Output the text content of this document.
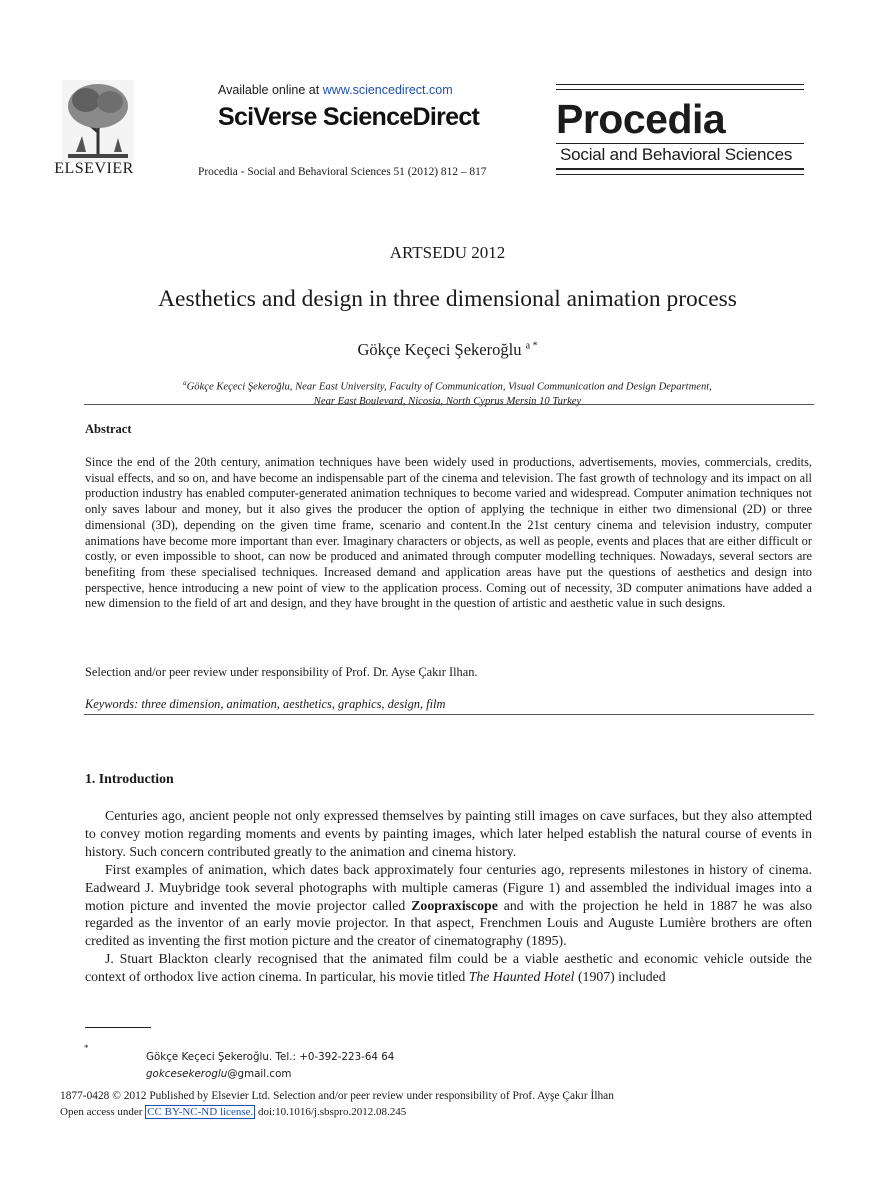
ELSEVIER
Available online at www.sciencedirect.com
SciVerse ScienceDirect
Procedia - Social and Behavioral Sciences 51 (2012) 812 – 817
Procedia
Social and Behavioral Sciences
ARTSEDU 2012
Aesthetics and design in three dimensional animation process
Gökçe Keçeci Şekeroğlu $^{a *}$
$^a$Gökçe Keçeci Şekeroğlu, Near East University, Faculty of Communication, Visual Communication and Design Department,
Near East Boulevard, Nicosia, North Cyprus Mersin 10 Turkey
Abstract
Since the end of the 20th century, animation techniques have been widely used in productions, advertisements, movies, commercials, credits, visual effects, and so on, and have become an indispensable part of the cinema and television. The fast growth of technology and its impact on all production industry has enabled computer-generated animation techniques to become varied and widespread. Computer animation techniques not only saves labour and money, but it also gives the producer the option of applying the technique in either two dimensional (2D) or three dimensional (3D), depending on the given time frame, scenario and content.In the 21st century cinema and television industry, computer animations have become more important than ever. Imaginary characters or objects, as well as people, events and places that are either difficult or costly, or even impossible to shoot, can now be produced and animated through computer modelling techniques. Nowadays, several sectors are benefiting from these specialised techniques. Increased demand and application areas have put the questions of aesthetics and design into perspective, hence introducing a new point of view to the application process. Coming out of necessity, 3D computer animations have added a new dimension to the field of art and design, and they have brought in the question of artistic and aesthetic value in such designs.
Selection and/or peer review under responsibility of Prof. Dr. Ayse Çakır Ilhan.
Keywords: three dimension, animation, aesthetics, graphics, design, film
1. Introduction

Centuries ago, ancient people not only expressed themselves by painting still images on cave surfaces, but they also attempted to convey motion regarding moments and events by painting images, which later helped establish the natural course of events in history. Such concern contributed greatly to the animation and cinema history.

First examples of animation, which dates back approximately four centuries ago, represents milestones in history of cinema. Eadweard J. Muybridge took several photographs with multiple cameras (Figure 1) and assembled the individual images into a motion picture and invented the movie projector called Zoopraxiscope and with the projection he held in 1887 he was also regarded as the inventor of an early movie projector. In that aspect, Frenchmen Louis and Auguste Lumière brothers are often credited as inventing the first motion picture and the creator of cinematography (1895).

J. Stuart Blackton clearly recognised that the animated film could be a viable aesthetic and economic vehicle outside the context of orthodox live action cinema. In particular, his movie titled The Haunted Hotel (1907) included

*
Gökçe Keçeci Şekeroğlu. Tel.: +0-392-223-64 64
gokcesekeroglu@gmail.com
1877-0428 © 2012 Published by Elsevier Ltd. Selection and/or peer review under responsibility of Prof. Ayşe Çakır İlhan
Open access under CC BY-NC-ND license. doi:10.1016/j.sbspro.2012.08.245
